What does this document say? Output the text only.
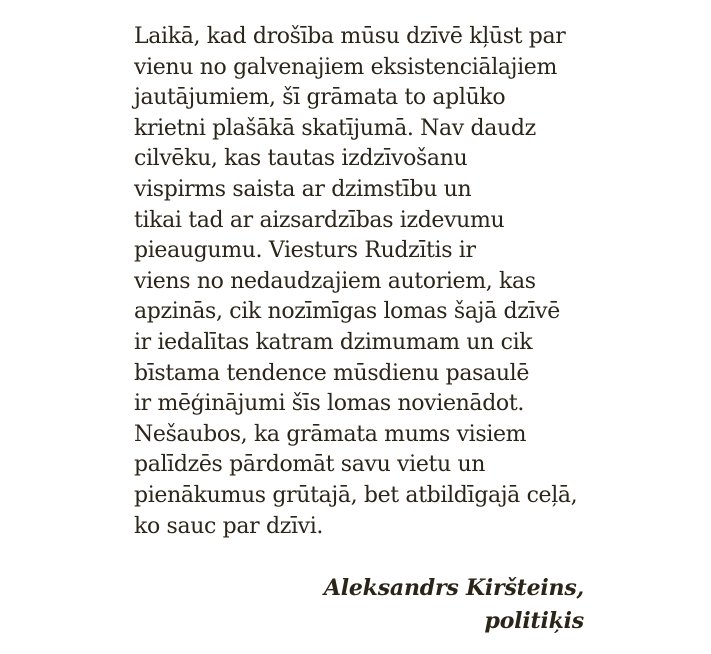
Laikā, kad drošība mūsu dzīvē kļūst par
vienu no galvenajiem eksistenciālajiem
jautājumiem, šī grāmata to aplūko
krietni plašākā skatījumā. Nav daudz
cilvēku, kas tautas izdzīvošanu
vispirms saista ar dzimstību un
tikai tad ar aizsardzības izdevumu
pieaugumu. Viesturs Rudzītis ir
viens no nedaudzajiem autoriem, kas
apzinās, cik nozīmīgas lomas šajā dzīvē
ir iedalītas katram dzimumam un cik
bīstama tendence mūsdienu pasaulē
ir mēģinājumi šīs lomas novienādot.
Nešaubos, ka grāmata mums visiem
palīdzēs pārdomāt savu vietu un
pienākumus grūtajā, bet atbildīgajā ceļā,
ko sauc par dzīvi.
Aleksandrs Kiršteins,
politiķis
